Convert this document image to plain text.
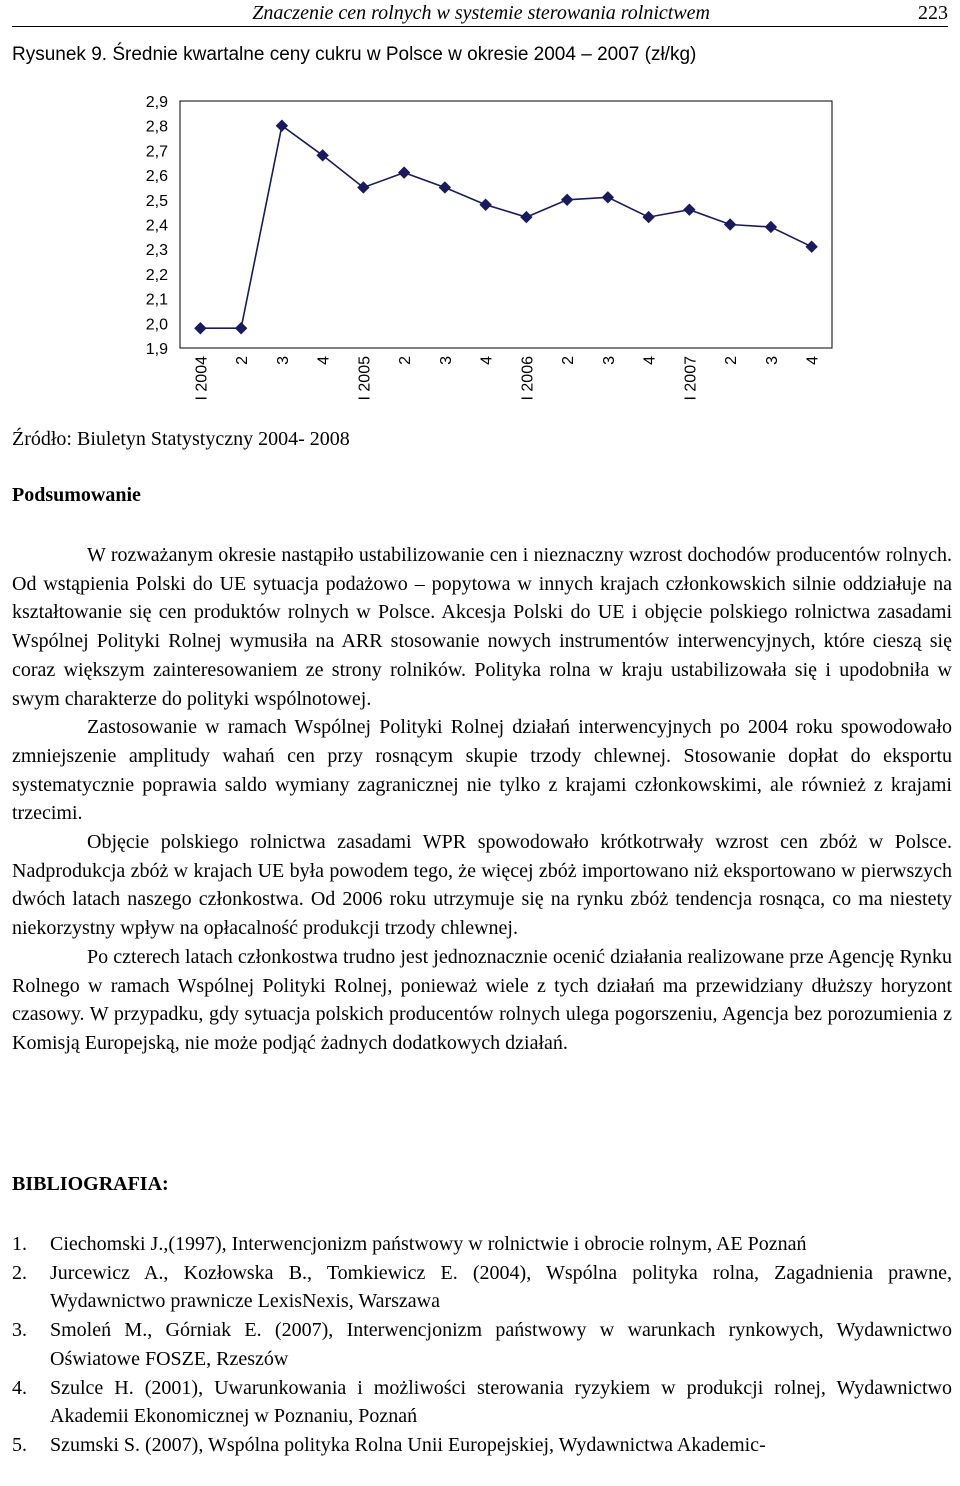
Znaczenie cen rolnych w systemie sterowania rolnictwem	223
Rysunek 9. Średnie kwartalne ceny cukru w Polsce w okresie 2004 – 2007 (zł/kg)
2,9
2,8
2,7
2,6
2,5
2,4
2,3
2,2
2,1
2,0
1,9
I 2004 2 3 4 I 2005 2 3 4 I 2006 2 3 4 I 2007 2 3 4
Źródło: Biuletyn Statystyczny 2004- 2008
Podsumowanie

W rozważanym okresie nastąpiło ustabilizowanie cen i nieznaczny wzrost dochodów producentów rolnych. Od wstąpienia Polski do UE sytuacja podażowo – popytowa w innych krajach członkowskich silnie oddziałuje na kształtowanie się cen produktów rolnych w Polsce. Akcesja Polski do UE i objęcie polskiego rolnictwa zasadami Wspólnej Polityki Rolnej wymusiła na ARR stosowanie nowych instrumentów interwencyjnych, które cieszą się coraz większym zainteresowaniem ze strony rolników. Polityka rolna w kraju ustabilizowała się i upodobniła w swym charakterze do polityki wspólnotowej.

Zastosowanie w ramach Wspólnej Polityki Rolnej działań interwencyjnych po 2004 roku spowodowało zmniejszenie amplitudy wahań cen przy rosnącym skupie trzody chlewnej. Stosowanie dopłat do eksportu systematycznie poprawia saldo wymiany zagranicznej nie tylko z krajami członkowskimi, ale również z krajami trzecimi.

Objęcie polskiego rolnictwa zasadami WPR spowodowało krótkotrwały wzrost cen zbóż w Polsce. Nadprodukcja zbóż w krajach UE była powodem tego, że więcej zbóż importowano niż eksportowano w pierwszych dwóch latach naszego członkostwa. Od 2006 roku utrzymuje się na rynku zbóż tendencja rosnąca, co ma niestety niekorzystny wpływ na opłacalność produkcji trzody chlewnej.

Po czterech latach członkostwa trudno jest jednoznacznie ocenić działania realizowane prze Agencję Rynku Rolnego w ramach Wspólnej Polityki Rolnej, ponieważ wiele z tych działań ma przewidziany dłuższy horyzont czasowy. W przypadku, gdy sytuacja polskich producentów rolnych ulega pogorszeniu, Agencja bez porozumienia z Komisją Europejską, nie może podjąć żadnych dodatkowych działań.

BIBLIOGRAFIA:
1.	Ciechomski J.,(1997), Interwencjonizm państwowy w rolnictwie i obrocie rolnym, AE Poznań
2.	Jurcewicz A., Kozłowska B., Tomkiewicz E. (2004), Wspólna polityka rolna, Zagadnienia prawne, Wydawnictwo prawnicze LexisNexis, Warszawa
3.	Smoleń M., Górniak E. (2007), Interwencjonizm państwowy w warunkach rynkowych, Wydawnictwo Oświatowe FOSZE, Rzeszów
4.	Szulce H. (2001), Uwarunkowania i możliwości sterowania ryzykiem w produkcji rolnej, Wydawnictwo Akademii Ekonomicznej w Poznaniu, Poznań
5.	Szumski S. (2007), Wspólna polityka Rolna Unii Europejskiej, Wydawnictwa Akademic-
